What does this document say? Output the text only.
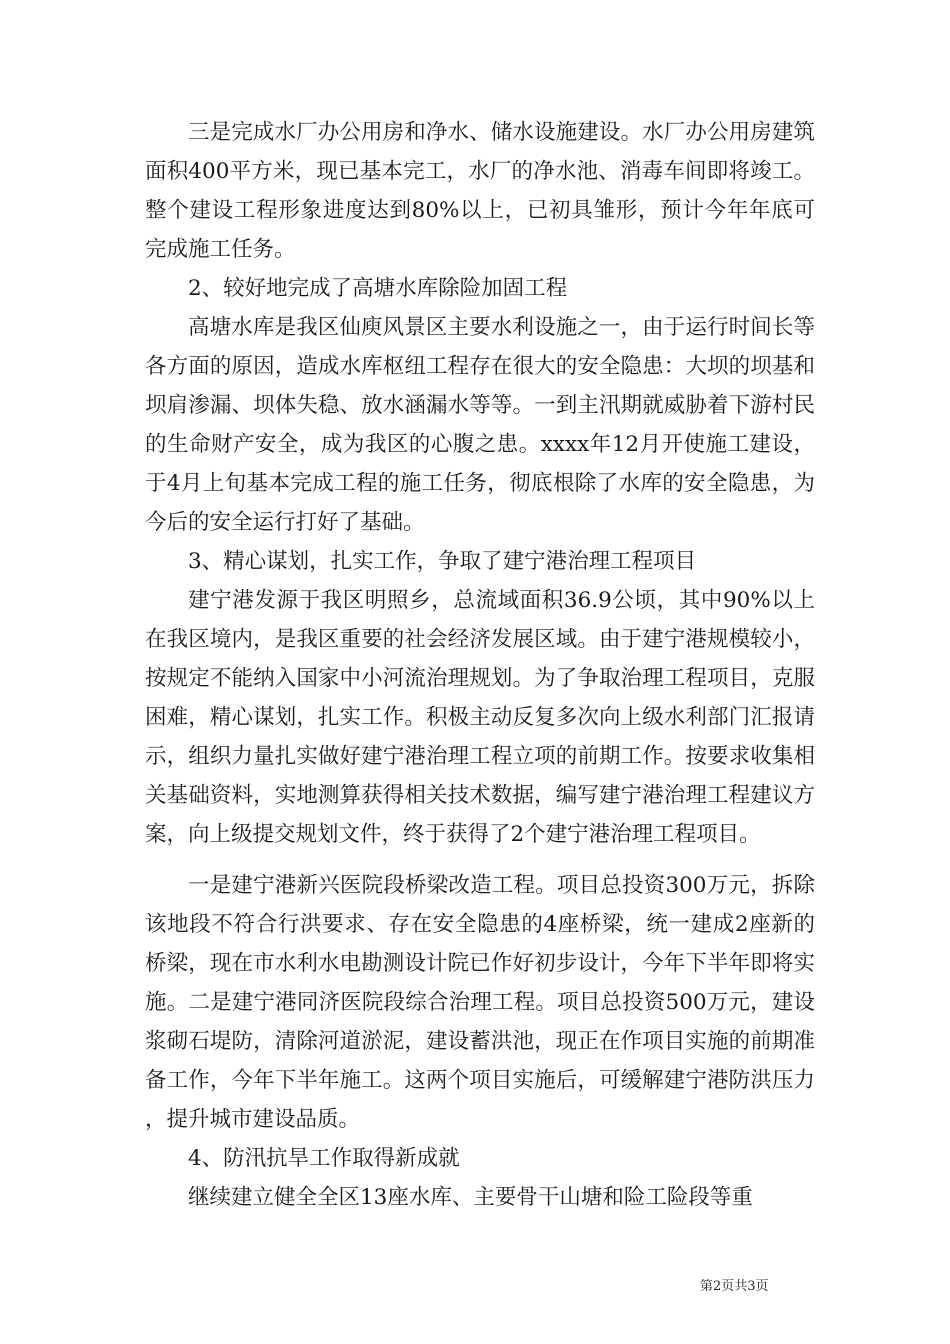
三是完成水厂办公用房和净水、储水设施建设。水厂办公用房建筑面积400平方米，现已基本完工，水厂的净水池、消毒车间即将竣工。整个建设工程形象进度达到80%以上，已初具雏形，预计今年年底可完成施工任务。

2、较好地完成了高塘水库除险加固工程

高塘水库是我区仙庾风景区主要水利设施之一，由于运行时间长等各方面的原因，造成水库枢纽工程存在很大的安全隐患：大坝的坝基和坝肩渗漏、坝体失稳、放水涵漏水等等。一到主汛期就威胁着下游村民的生命财产安全，成为我区的心腹之患。xxxx年12月开使施工建设，于4月上旬基本完成工程的施工任务，彻底根除了水库的安全隐患，为今后的安全运行打好了基础。

3、精心谋划，扎实工作，争取了建宁港治理工程项目

建宁港发源于我区明照乡，总流域面积36.9公顷，其中90%以上在我区境内，是我区重要的社会经济发展区域。由于建宁港规模较小，按规定不能纳入国家中小河流治理规划。为了争取治理工程项目，克服困难，精心谋划，扎实工作。积极主动反复多次向上级水利部门汇报请示，组织力量扎实做好建宁港治理工程立项的前期工作。按要求收集相关基础资料，实地测算获得相关技术数据，编写建宁港治理工程建议方案，向上级提交规划文件，终于获得了2个建宁港治理工程项目。

一是建宁港新兴医院段桥梁改造工程。项目总投资300万元，拆除该地段不符合行洪要求、存在安全隐患的4座桥梁，统一建成2座新的桥梁，现在市水利水电勘测设计院已作好初步设计，今年下半年即将实施。二是建宁港同济医院段综合治理工程。项目总投资500万元，建设浆砌石堤防，清除河道淤泥，建设蓄洪池，现正在作项目实施的前期准备工作，今年下半年施工。这两个项目实施后，可缓解建宁港防洪压力，提升城市建设品质。

4、防汛抗旱工作取得新成就

继续建立健全全区13座水库、主要骨干山塘和险工险段等重

第2页共3页
